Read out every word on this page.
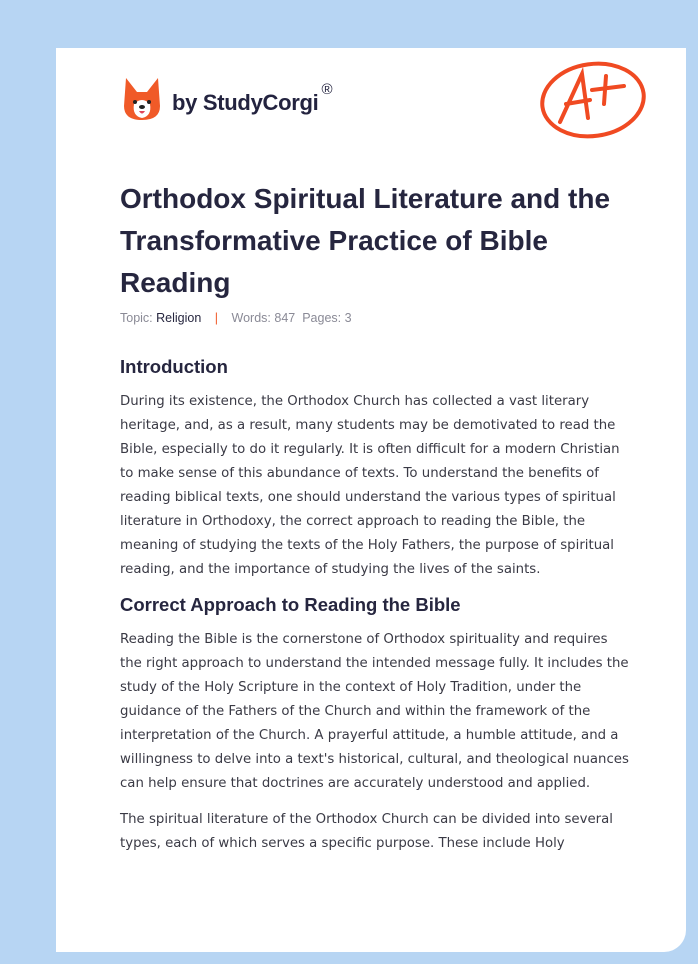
by StudyCorgi
®
Orthodox Spiritual Literature and the Transformative Practice of Bible Reading
Topic: Religion | Words: 847 Pages: 3
Introduction

During its existence, the Orthodox Church has collected a vast literary heritage, and, as a result, many students may be demotivated to read the Bible, especially to do it regularly. It is often difficult for a modern Christian to make sense of this abundance of texts. To understand the benefits of reading biblical texts, one should understand the various types of spiritual literature in Orthodoxy, the correct approach to reading the Bible, the meaning of studying the texts of the Holy Fathers, the purpose of spiritual reading, and the importance of studying the lives of the saints.

Correct Approach to Reading the Bible

Reading the Bible is the cornerstone of Orthodox spirituality and requires the right approach to understand the intended message fully. It includes the study of the Holy Scripture in the context of Holy Tradition, under the guidance of the Fathers of the Church and within the framework of the interpretation of the Church. A prayerful attitude, a humble attitude, and a willingness to delve into a text's historical, cultural, and theological nuances can help ensure that doctrines are accurately understood and applied.

The spiritual literature of the Orthodox Church can be divided into several types, each of which serves a specific purpose. These include Holy
